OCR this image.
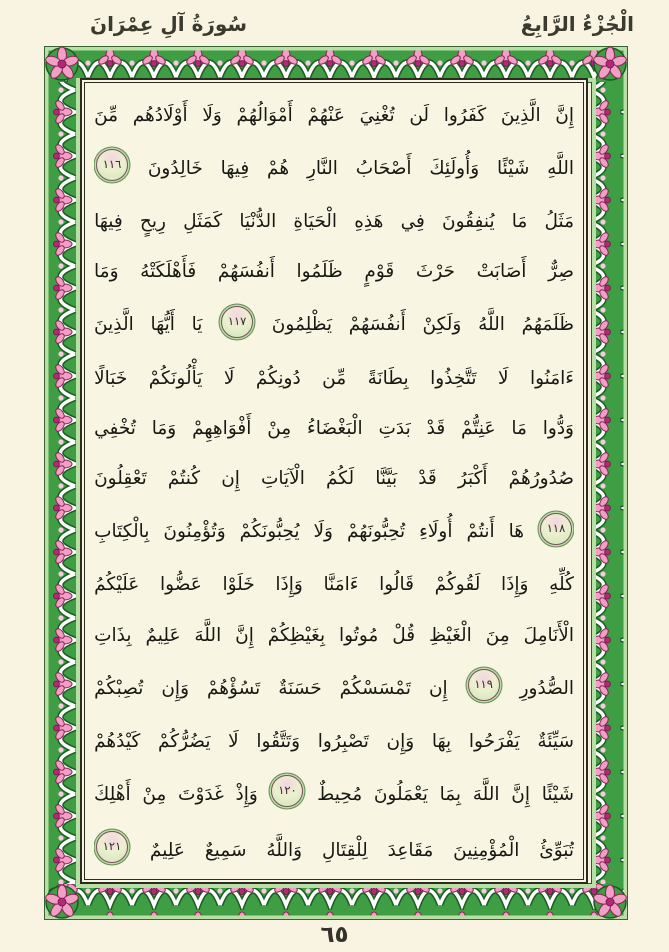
الْجُزْءُ الرَّابِعُ
سُورَةُ آلِ عِمْرَانَ
إِنَّ
الَّذِينَ
كَفَرُوا
لَن
تُغْنِيَ
عَنْهُمْ
أَمْوَالُهُمْ
وَلَا
أَوْلَادُهُم
مِّنَ
اللَّهِ
شَيْئًا
وَأُولَئِكَ
أَصْحَابُ
النَّارِ
هُمْ
فِيهَا
خَالِدُونَ
١١٦
مَثَلُ
مَا
يُنفِقُونَ
فِي
هَذِهِ
الْحَيَاةِ
الدُّنْيَا
كَمَثَلِ
رِيحٍ
فِيهَا
صِرٌّ
أَصَابَتْ
حَرْثَ
قَوْمٍ
ظَلَمُوا
أَنفُسَهُمْ
فَأَهْلَكَتْهُ
وَمَا
ظَلَمَهُمُ
اللَّهُ
وَلَكِنْ
أَنفُسَهُمْ
يَظْلِمُونَ
١١٧
يَا
أَيُّهَا
الَّذِينَ
ءَامَنُوا
لَا
تَتَّخِذُوا
بِطَانَةً
مِّن
دُونِكُمْ
لَا
يَأْلُونَكُمْ
خَبَالًا
وَدُّوا
مَا
عَنِتُّمْ
قَدْ
بَدَتِ
الْبَغْضَاءُ
مِنْ
أَفْوَاهِهِمْ
وَمَا
تُخْفِي
صُدُورُهُمْ
أَكْبَرُ
قَدْ
بَيَّنَّا
لَكُمُ
الْآيَاتِ
إِن
كُنتُمْ
تَعْقِلُونَ
١١٨
هَا
أَنتُمْ
أُولَاءِ
تُحِبُّونَهُمْ
وَلَا
يُحِبُّونَكُمْ
وَتُؤْمِنُونَ
بِالْكِتَابِ
كُلِّهِ
وَإِذَا
لَقُوكُمْ
قَالُوا
ءَامَنَّا
وَإِذَا
خَلَوْا
عَضُّوا
عَلَيْكُمُ
الْأَنَامِلَ
مِنَ
الْغَيْظِ
قُلْ
مُوتُوا
بِغَيْظِكُمْ
إِنَّ
اللَّهَ
عَلِيمٌ
بِذَاتِ
الصُّدُورِ
١١٩
إِن
تَمْسَسْكُمْ
حَسَنَةٌ
تَسُؤْهُمْ
وَإِن
تُصِبْكُمْ
سَيِّئَةٌ
يَفْرَحُوا
بِهَا
وَإِن
تَصْبِرُوا
وَتَتَّقُوا
لَا
يَضُرُّكُمْ
كَيْدُهُمْ
شَيْئًا
إِنَّ
اللَّهَ
بِمَا
يَعْمَلُونَ
مُحِيطٌ
١٢٠
وَإِذْ
غَدَوْتَ
مِنْ
أَهْلِكَ
تُبَوِّئُ
الْمُؤْمِنِينَ
مَقَاعِدَ
لِلْقِتَالِ
وَاللَّهُ
سَمِيعٌ
عَلِيمٌ
١٢١
٦٥
